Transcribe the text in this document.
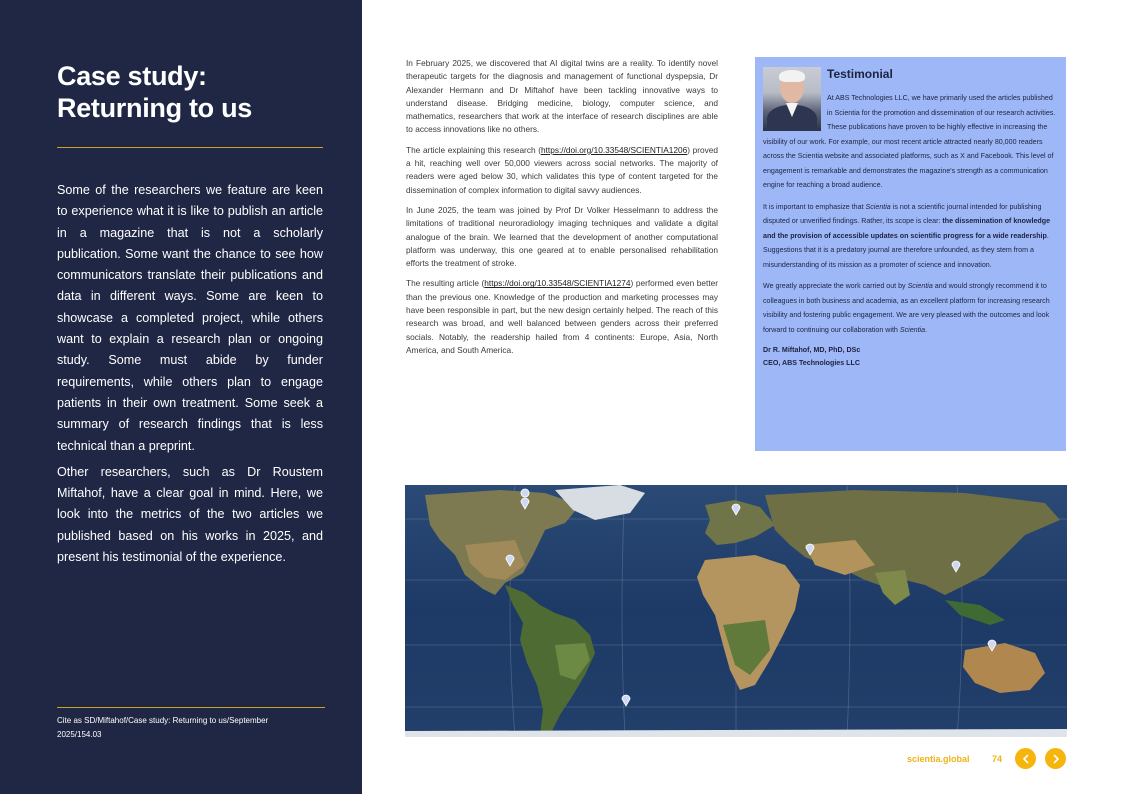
Case study:
Returning to us

Some of the researchers we feature are keen to experience what it is like to publish an article in a magazine that is not a scholarly publication. Some want the chance to see how communicators translate their publications and data in different ways. Some are keen to showcase a completed project, while others want to explain a research plan or ongoing study. Some must abide by funder requirements, while others plan to engage patients in their own treatment. Some seek a summary of research findings that is less technical than a preprint.

Other researchers, such as Dr Roustem Miftahof, have a clear goal in mind. Here, we look into the metrics of the two articles we published based on his works in 2025, and present his testimonial of the experience.

Cite as SD/Miftahof/Case study: Returning to us/September 2025/154.03

In February 2025, we discovered that AI digital twins are a reality. To identify novel therapeutic targets for the diagnosis and management of functional dyspepsia, Dr Alexander Hermann and Dr Miftahof have been tackling innovative ways to understand disease. Bridging medicine, biology, computer science, and mathematics, researchers that work at the interface of research disciplines are able to access innovations like no others.

The article explaining this research (https://doi.org/10.33548/SCIENTIA1206) proved a hit, reaching well over 50,000 viewers across social networks. The majority of readers were aged below 30, which validates this type of content targeted for the dissemination of complex information to digital savvy audiences.

In June 2025, the team was joined by Prof Dr Volker Hesselmann to address the limitations of traditional neuroradiology imaging techniques and validate a digital analogue of the brain. We learned that the development of another computational platform was underway, this one geared at to enable personalised rehabilitation efforts the treatment of stroke.

The resulting article (https://doi.org/10.33548/SCIENTIA1274) performed even better than the previous one. Knowledge of the production and marketing processes may have been responsible in part, but the new design certainly helped. The reach of this research was broad, and well balanced between genders across their preferred socials. Notably, the readership hailed from 4 continents: Europe, Asia, North America, and South America.

Testimonial

At ABS Technologies LLC, we have primarily used the articles published in Scientia for the promotion and dissemination of our research activities. These publications have proven to be highly effective in increasing the visibility of our work. For example, our most recent article attracted nearly 80,000 readers across the Scientia website and associated platforms, such as X and Facebook. This level of engagement is remarkable and demonstrates the magazine's strength as a communication engine for reaching a broad audience.

It is important to emphasize that Scientia is not a scientific journal intended for publishing disputed or unverified findings. Rather, its scope is clear: the dissemination of knowledge and the provision of accessible updates on scientific progress for a wide readership. Suggestions that it is a predatory journal are therefore unfounded, as they stem from a misunderstanding of its mission as a promoter of science and innovation.

We greatly appreciate the work carried out by Scientia and would strongly recommend it to colleagues in both business and academia, as an excellent platform for increasing research visibility and fostering public engagement. We are very pleased with the outcomes and look forward to continuing our collaboration with Scientia.

Dr R. Miftahof, MD, PhD, DSc

CEO, ABS Technologies LLC

scientia.global 74
